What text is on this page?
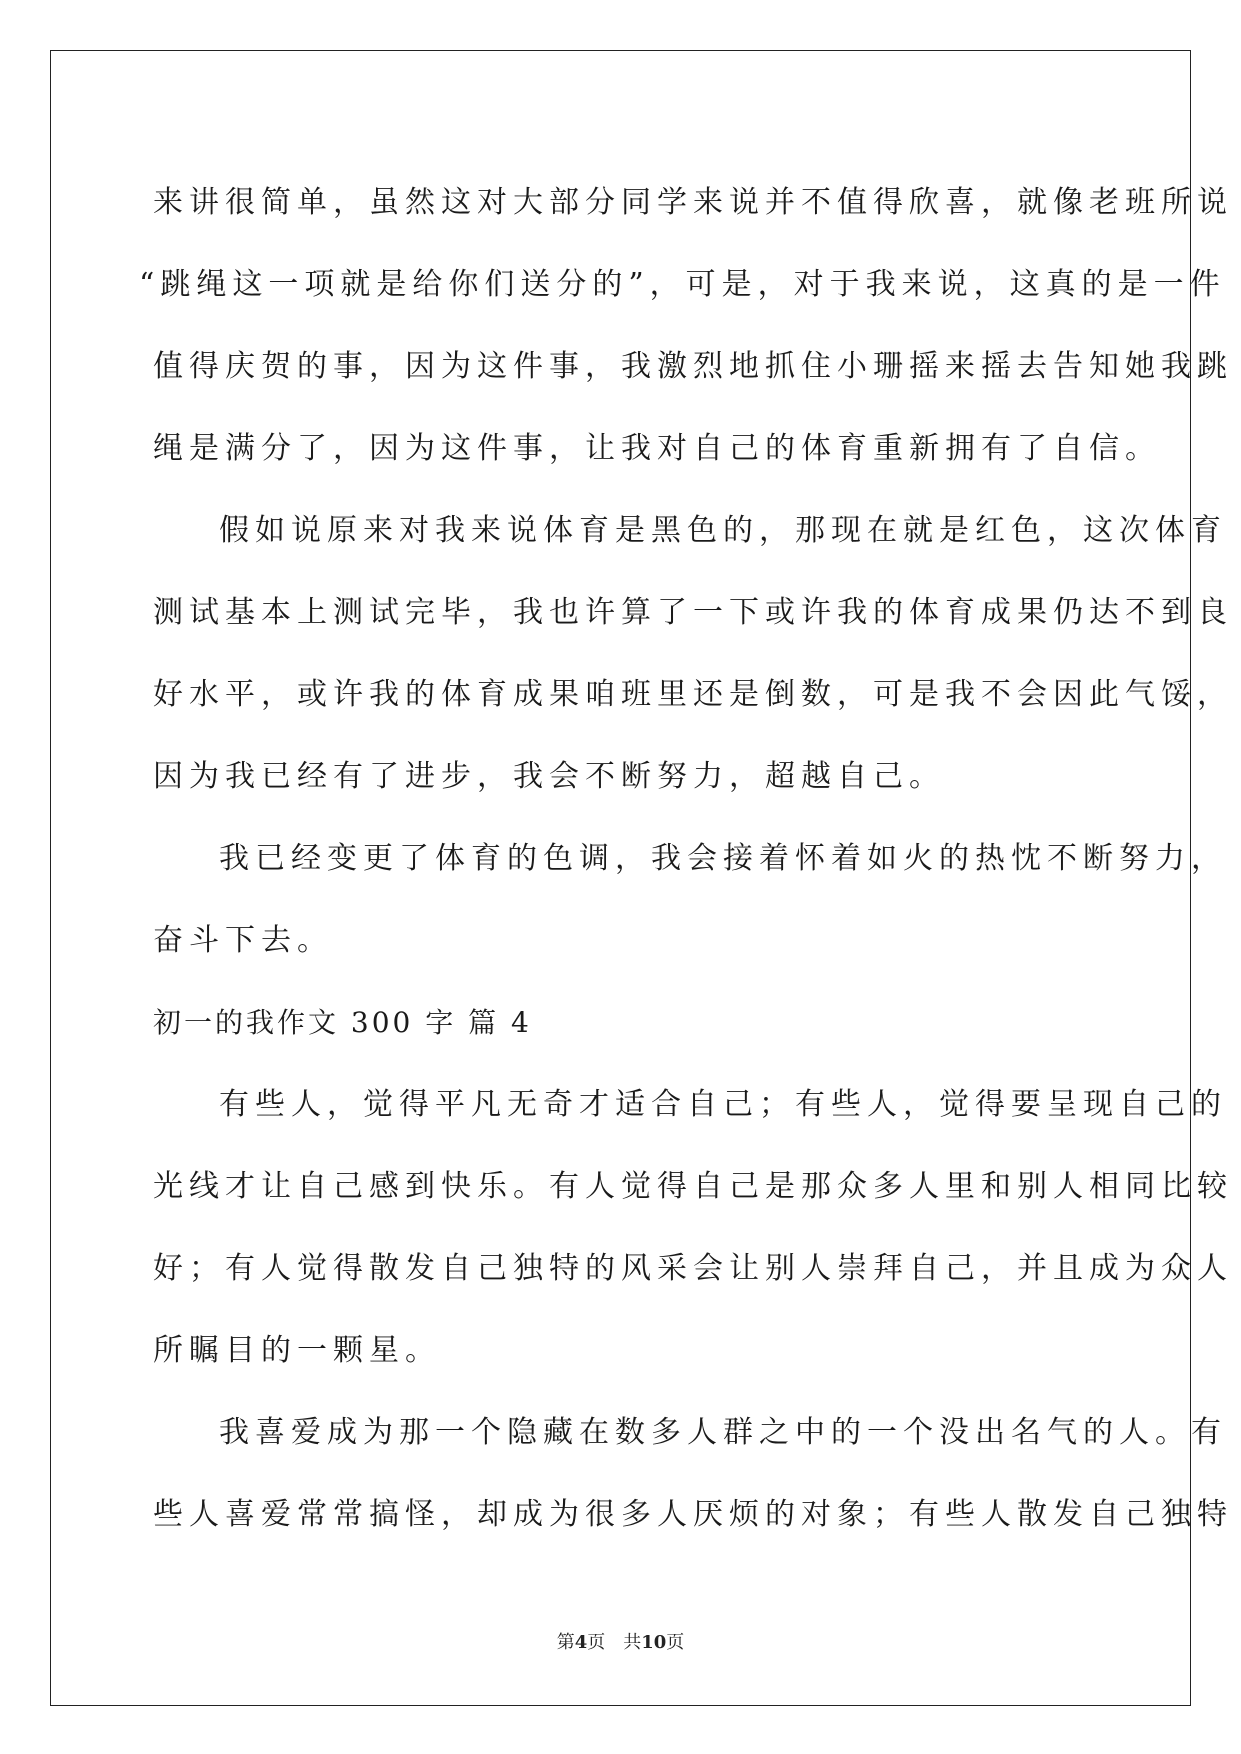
来讲很简单，虽然这对大部分同学来说并不值得欣喜，就像老班所说
“跳绳这一项就是给你们送分的”，可是，对于我来说，这真的是一件
值得庆贺的事，因为这件事，我激烈地抓住小珊摇来摇去告知她我跳
绳是满分了，因为这件事，让我对自己的体育重新拥有了自信。

假如说原来对我来说体育是黑色的，那现在就是红色，这次体育
测试基本上测试完毕，我也许算了一下或许我的体育成果仍达不到良
好水平，或许我的体育成果咱班里还是倒数，可是我不会因此气馁，
因为我已经有了进步，我会不断努力，超越自己。

我已经变更了体育的色调，我会接着怀着如火的热忱不断努力，
奋斗下去。

初一的我作文 300 字 篇 4

有些人，觉得平凡无奇才适合自己；有些人，觉得要呈现自己的
光线才让自己感到快乐。有人觉得自己是那众多人里和别人相同比较
好；有人觉得散发自己独特的风采会让别人崇拜自己，并且成为众人
所瞩目的一颗星。

我喜爱成为那一个隐藏在数多人群之中的一个没出名气的人。有
些人喜爱常常搞怪，却成为很多人厌烦的对象；有些人散发自己独特

第4页 共10页
